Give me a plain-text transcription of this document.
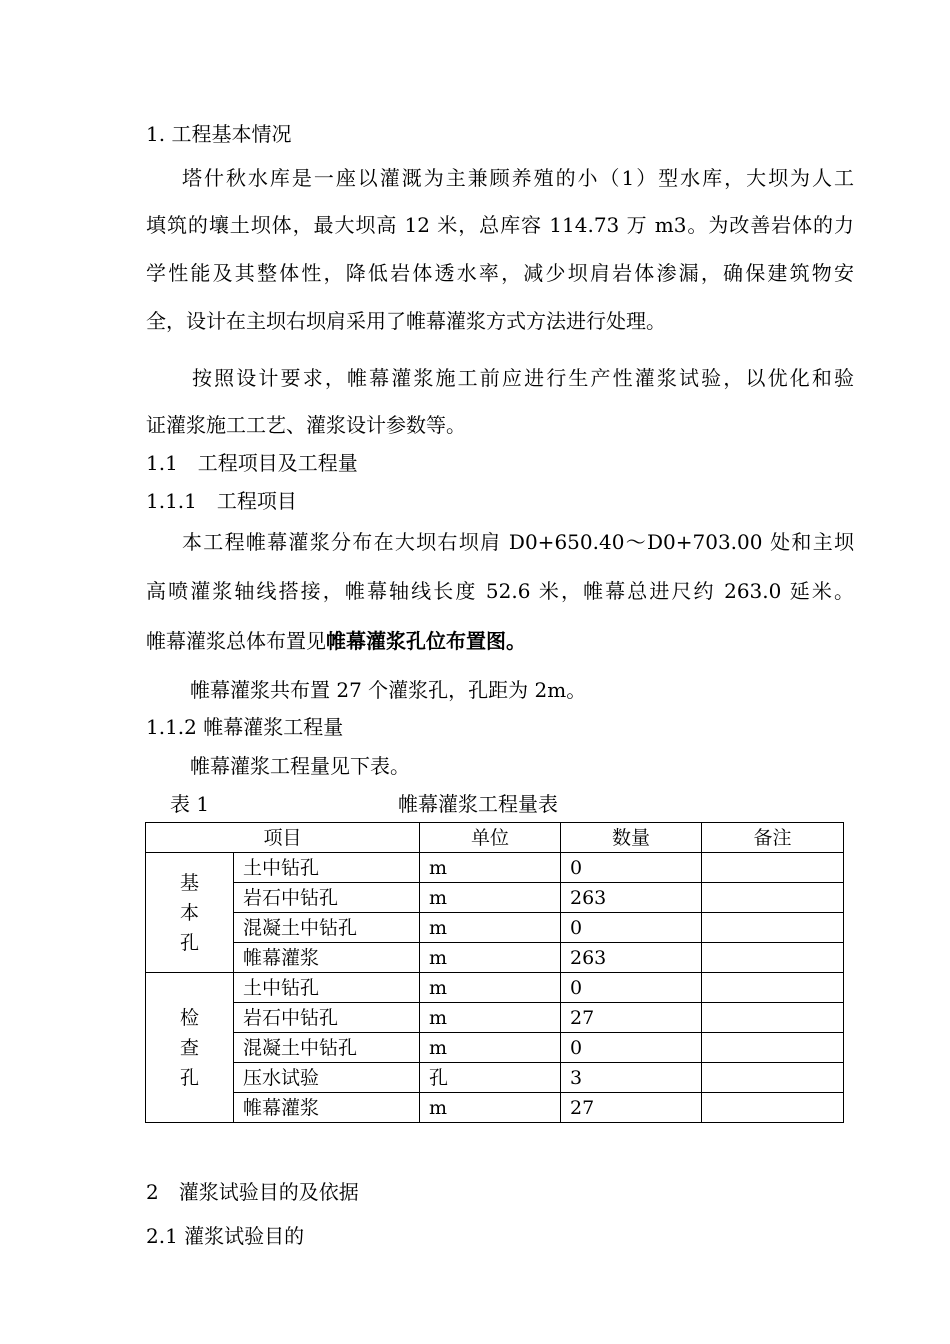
1. 工程基本情况
塔什秋水库是一座以灌溉为主兼顾养殖的小（1）型水库，大坝为人工
填筑的壤土坝体，最大坝高 12 米，总库容 114.73 万 m3。为改善岩体的力
学性能及其整体性，降低岩体透水率，减少坝肩岩体渗漏，确保建筑物安
全，设计在主坝右坝肩采用了帷幕灌浆方式方法进行处理。
按照设计要求，帷幕灌浆施工前应进行生产性灌浆试验，以优化和验
证灌浆施工工艺、灌浆设计参数等。
1.1　工程项目及工程量
1.1.1　工程项目
本工程帷幕灌浆分布在大坝右坝肩 D0+650.40～D0+703.00 处和主坝
高喷灌浆轴线搭接，帷幕轴线长度 52.6 米，帷幕总进尺约 263.0 延米。
帷幕灌浆总体布置见帷幕灌浆孔位布置图。
帷幕灌浆共布置 27 个灌浆孔，孔距为 2m。
1.1.2 帷幕灌浆工程量
帷幕灌浆工程量见下表。
表 1	帷幕灌浆工程量表
项目		单位	数量	备注

基
本
孔	土中钻孔	m	0	
	岩石中钻孔	m	263	
	混凝土中钻孔	m	0	
	帷幕灌浆	m	263	

检
查
孔	土中钻孔	m	0	
	岩石中钻孔	m	27	
	混凝土中钻孔	m	0	
	压水试验	孔	3	
	帷幕灌浆	m	27	
2　灌浆试验目的及依据
2.1 灌浆试验目的
